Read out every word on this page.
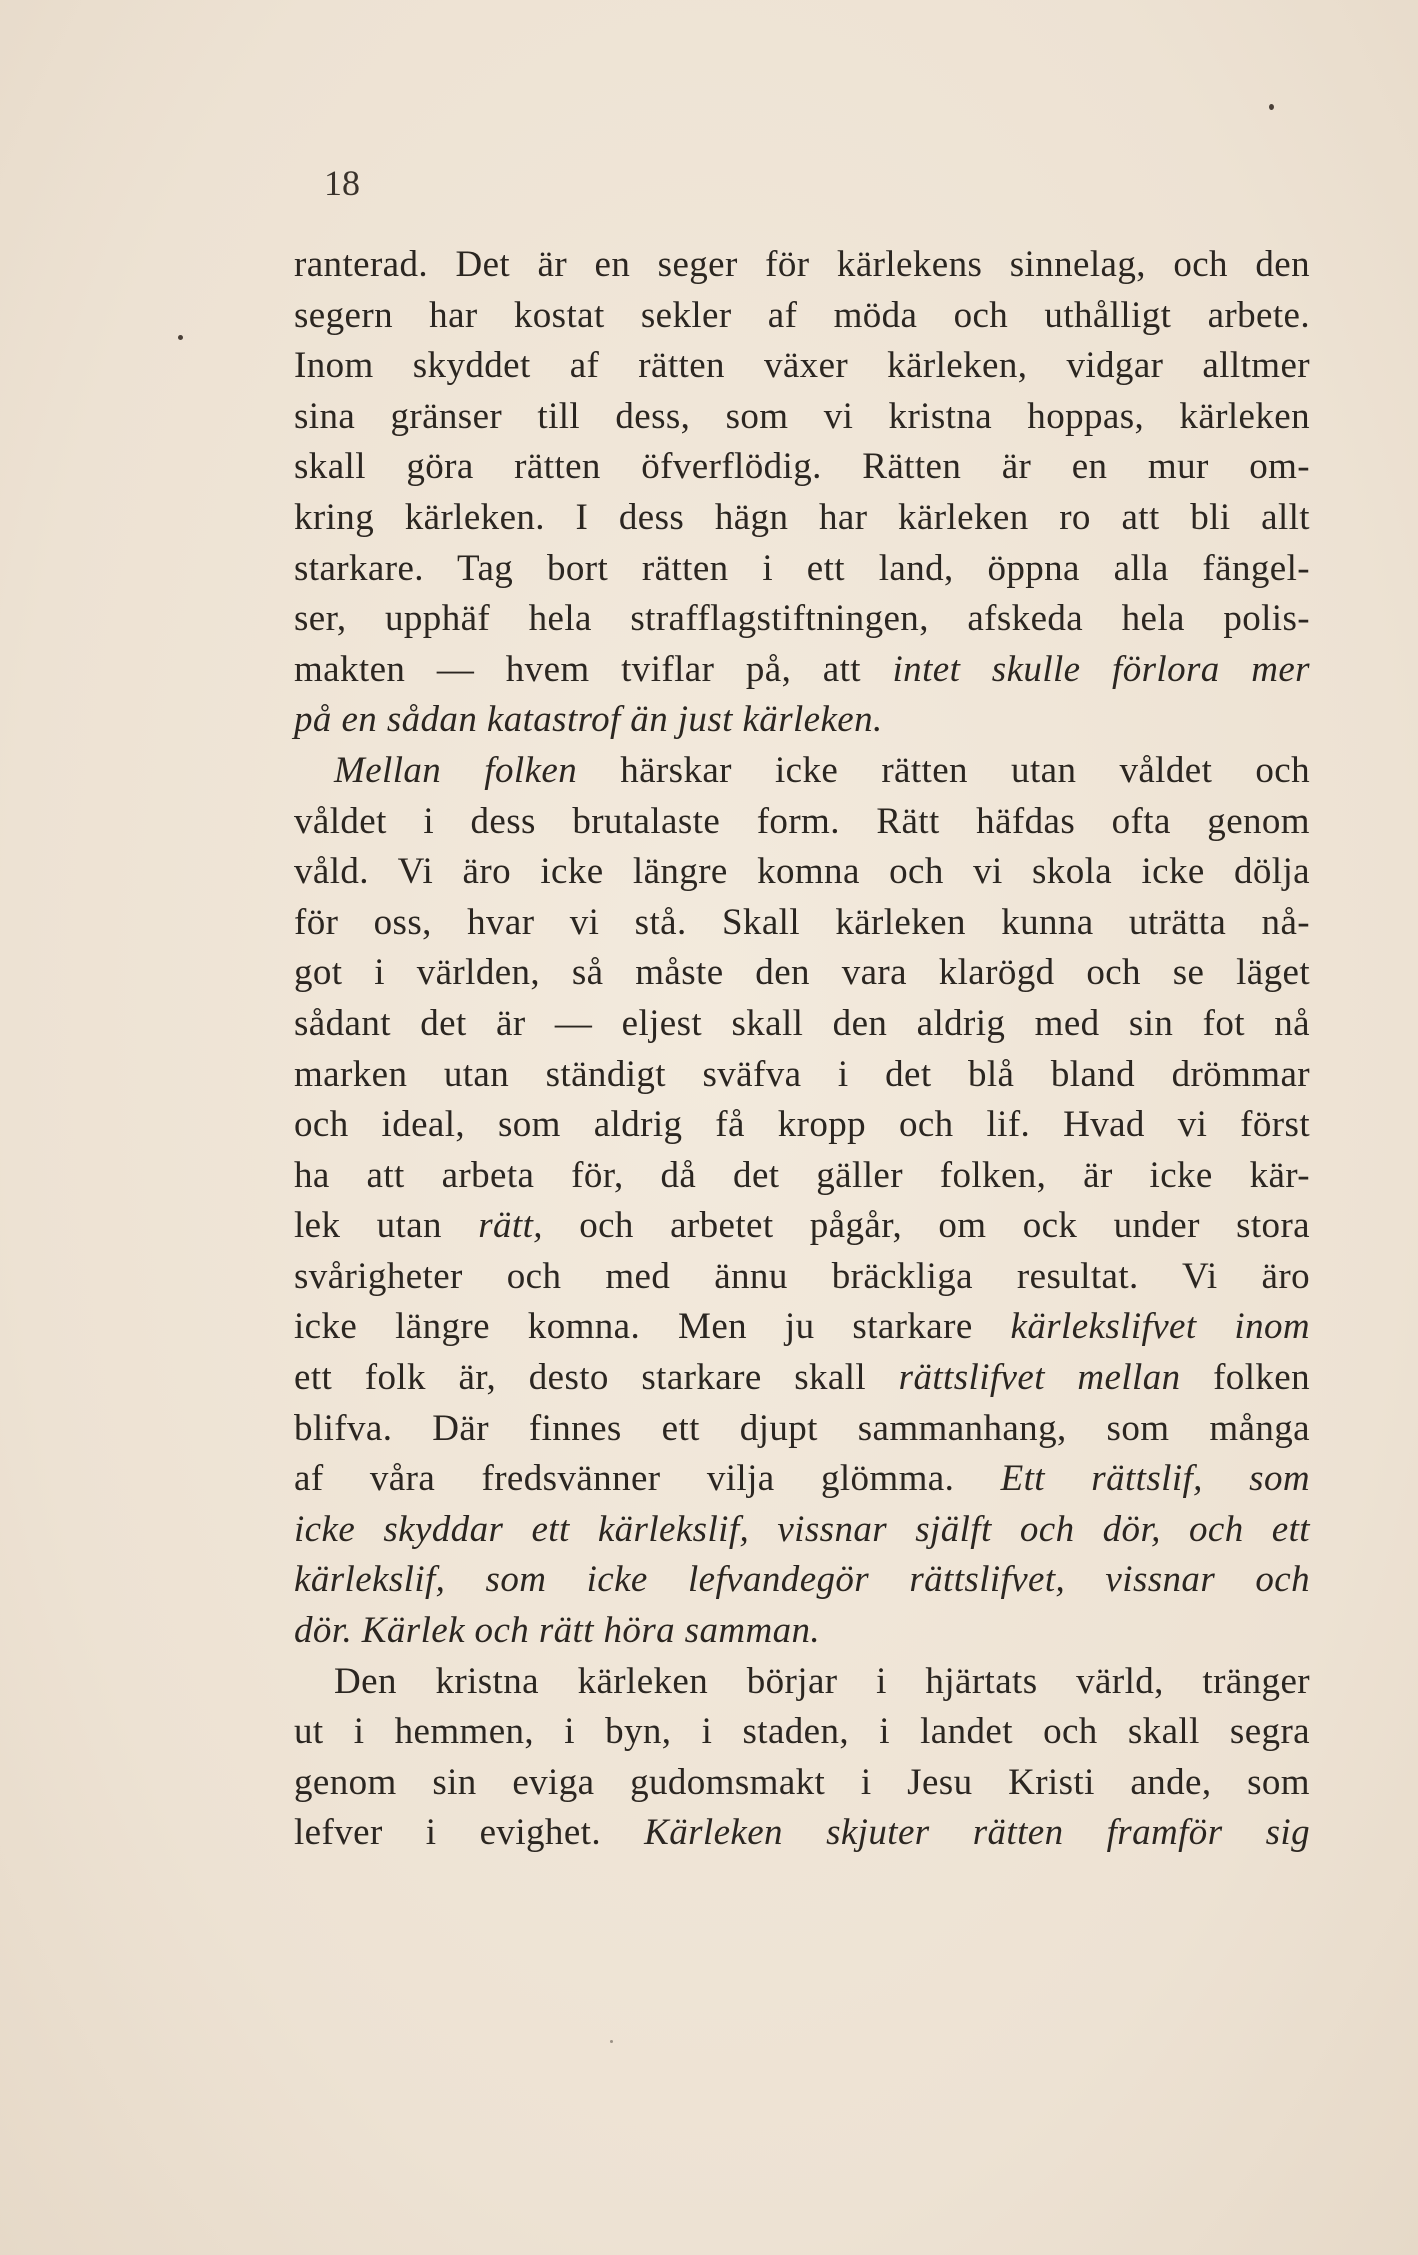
18
ranterad. Det är en seger för kärlekens sinnelag, och den
segern har kostat sekler af möda och uthålligt arbete.
Inom skyddet af rätten växer kärleken, vidgar alltmer
sina gränser till dess, som vi kristna hoppas, kärleken
skall göra rätten öfverflödig. Rätten är en mur om-
kring kärleken. I dess hägn har kärleken ro att bli allt
starkare. Tag bort rätten i ett land, öppna alla fängel-
ser, upphäf hela strafflagstiftningen, afskeda hela polis-
makten — hvem tviflar på, att intet skulle förlora mer
på en sådan katastrof än just kärleken.
Mellan folken härskar icke rätten utan våldet och
våldet i dess brutalaste form. Rätt häfdas ofta genom
våld. Vi äro icke längre komna och vi skola icke dölja
för oss, hvar vi stå. Skall kärleken kunna uträtta nå-
got i världen, så måste den vara klarögd och se läget
sådant det är — eljest skall den aldrig med sin fot nå
marken utan ständigt sväfva i det blå bland drömmar
och ideal, som aldrig få kropp och lif. Hvad vi först
ha att arbeta för, då det gäller folken, är icke kär-
lek utan rätt, och arbetet pågår, om ock under stora
svårigheter och med ännu bräckliga resultat. Vi äro
icke längre komna. Men ju starkare kärlekslifvet inom
ett folk är, desto starkare skall rättslifvet mellan folken
blifva. Där finnes ett djupt sammanhang, som många
af våra fredsvänner vilja glömma. Ett rättslif, som
icke skyddar ett kärlekslif, vissnar själft och dör, och ett
kärlekslif, som icke lefvandegör rättslifvet, vissnar och
dör. Kärlek och rätt höra samman.
Den kristna kärleken börjar i hjärtats värld, tränger
ut i hemmen, i byn, i staden, i landet och skall segra
genom sin eviga gudomsmakt i Jesu Kristi ande, som
lefver i evighet. Kärleken skjuter rätten framför sig
